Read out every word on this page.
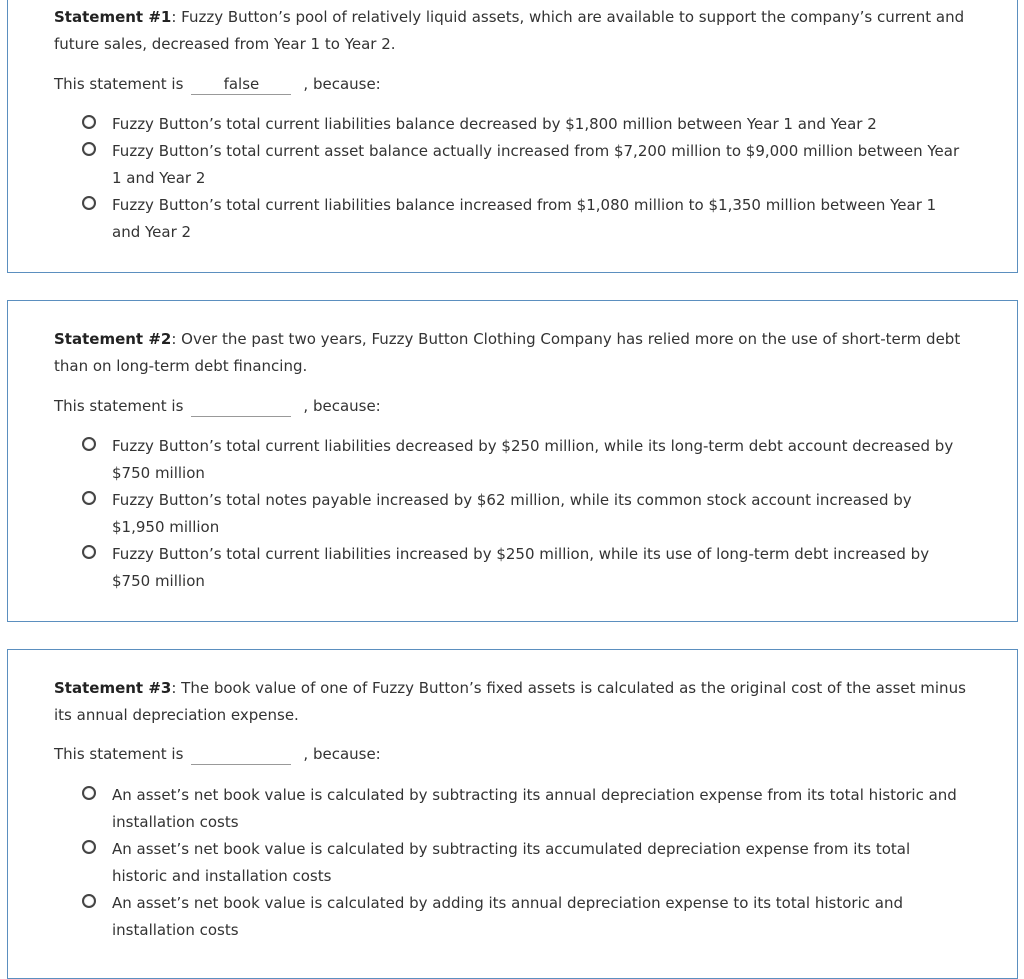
Statement #1: Fuzzy Button’s pool of relatively liquid assets, which are available to support the company’s current and future sales, decreased from Year 1 to Year 2.

This statement is	false	, because:
Fuzzy Button’s total current liabilities balance decreased by $1,800 million between Year 1 and Year 2
Fuzzy Button’s total current asset balance actually increased from $7,200 million to $9,000 million between Year 1 and Year 2
Fuzzy Button’s total current liabilities balance increased from $1,080 million to $1,350 million between Year 1 and Year 2

Statement #2: Over the past two years, Fuzzy Button Clothing Company has relied more on the use of short-term debt than on long-term debt financing.

This statement is	, because:
Fuzzy Button’s total current liabilities decreased by $250 million, while its long-term debt account decreased by $750 million
Fuzzy Button’s total notes payable increased by $62 million, while its common stock account increased by $1,950 million
Fuzzy Button’s total current liabilities increased by $250 million, while its use of long-term debt increased by $750 million

Statement #3: The book value of one of Fuzzy Button’s fixed assets is calculated as the original cost of the asset minus its annual depreciation expense.

This statement is	, because:
An asset’s net book value is calculated by subtracting its annual depreciation expense from its total historic and installation costs
An asset’s net book value is calculated by subtracting its accumulated depreciation expense from its total historic and installation costs
An asset’s net book value is calculated by adding its annual depreciation expense to its total historic and installation costs
